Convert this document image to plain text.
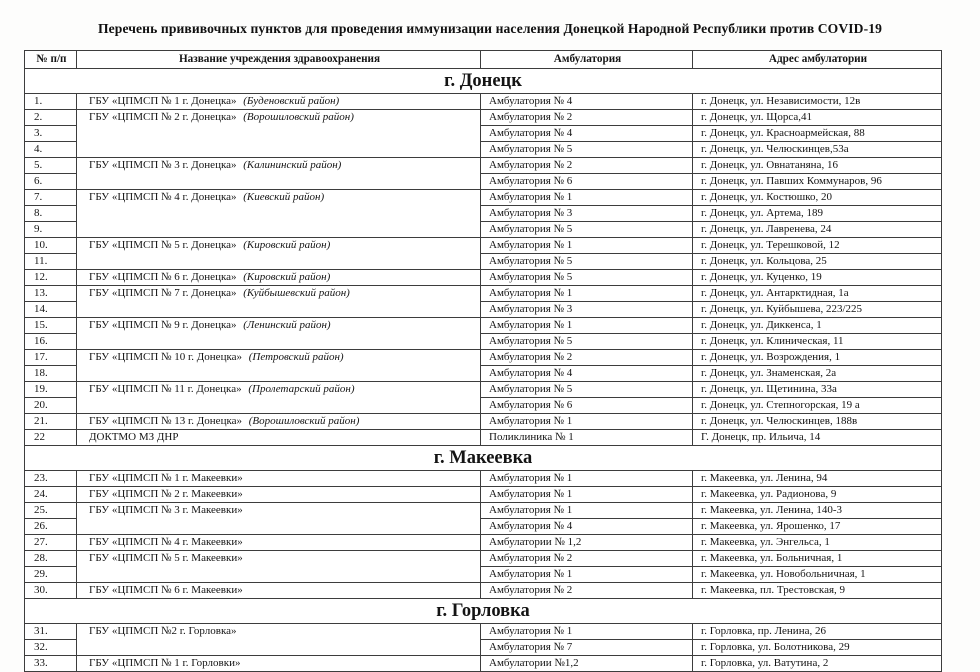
Перечень прививочных пунктов для проведения иммунизации населения Донецкой Народной Республики против COVID-19
№ п/п	Название учреждения здравоохранения	Амбулатория	Адрес амбулатории
г. Донецк			
1.	ГБУ «ЦПМСП № 1 г. Донецка» (Буденовский район)	Амбулатория № 4	г. Донецк, ул. Независимости, 12в
2.	ГБУ «ЦПМСП № 2 г. Донецка» (Ворошиловский район)	Амбулатория № 2	г. Донецк, ул. Щорса,41
3.		Амбулатория № 4	г. Донецк, ул. Красноармейская, 88
4.		Амбулатория № 5	г. Донецк, ул. Челюскинцев,53а
5.	ГБУ «ЦПМСП № 3 г. Донецка» (Калининский район)	Амбулатория № 2	г. Донецк, ул. Овнатаняна, 16
6.		Амбулатория № 6	г. Донецк, ул. Павших Коммунаров, 96
7.	ГБУ «ЦПМСП № 4 г. Донецка» (Киевский район)	Амбулатория № 1	г. Донецк, ул. Костюшко, 20
8.		Амбулатория № 3	г. Донецк, ул. Артема, 189
9.		Амбулатория № 5	г. Донецк, ул. Лавренева, 24
10.	ГБУ «ЦПМСП № 5 г. Донецка» (Кировский район)	Амбулатория № 1	г. Донецк, ул. Терешковой, 12
11.		Амбулатория № 5	г. Донецк, ул. Кольцова, 25
12.	ГБУ «ЦПМСП № 6 г. Донецка» (Кировский район)	Амбулатория № 5	г. Донецк, ул. Куценко, 19
13.	ГБУ «ЦПМСП № 7 г. Донецка» (Куйбышевский район)	Амбулатория № 1	г. Донецк, ул. Антарктидная, 1а
14.		Амбулатория № 3	г. Донецк, ул. Куйбышева, 223/225
15.	ГБУ «ЦПМСП № 9 г. Донецка» (Ленинский район)	Амбулатория № 1	г. Донецк, ул. Диккенса, 1
16.		Амбулатория № 5	г. Донецк, ул. Клиническая, 11
17.	ГБУ «ЦПМСП № 10 г. Донецка» (Петровский район)	Амбулатория № 2	г. Донецк, ул. Возрождения, 1
18.		Амбулатория № 4	г. Донецк, ул. Знаменская, 2а
19.	ГБУ «ЦПМСП № 11 г. Донецка» (Пролетарский район)	Амбулатория № 5	г. Донецк, ул. Щетинина, 33а
20.		Амбулатория № 6	г. Донецк, ул. Степногорская, 19 а
21.	ГБУ «ЦПМСП № 13 г. Донецка» (Ворошиловский район)	Амбулатория № 1	г. Донецк, ул. Челюскинцев, 188в
22	ДОКТМО МЗ ДНР	Поликлиника № 1	Г. Донецк, пр. Ильича, 14
г. Макеевка			
23.	ГБУ «ЦПМСП № 1 г. Макеевки»	Амбулатория № 1	г. Макеевка, ул. Ленина, 94
24.	ГБУ «ЦПМСП № 2 г. Макеевки»	Амбулатория № 1	г. Макеевка, ул. Радионова, 9
25.	ГБУ «ЦПМСП № 3 г. Макеевки»	Амбулатория № 1	г. Макеевка, ул. Ленина, 140-3
26.		Амбулатория № 4	г. Макеевка, ул. Ярошенко, 17
27.	ГБУ «ЦПМСП № 4 г. Макеевки»	Амбулатории № 1,2	г. Макеевка, ул. Энгельса, 1
28.	ГБУ «ЦПМСП № 5 г. Макеевки»	Амбулатория № 2	г. Макеевка, ул. Больничная, 1
29.		Амбулатория № 1	г. Макеевка, ул. Новобольничная, 1
30.	ГБУ «ЦПМСП № 6 г. Макеевки»	Амбулатория № 2	г. Макеевка, пл. Трестовская, 9
г. Горловка			
31.	ГБУ «ЦПМСП №2 г. Горловка»	Амбулатория № 1	г. Горловка, пр. Ленина, 26
32.		Амбулатория № 7	г. Горловка, ул. Болотникова, 29
33.	ГБУ «ЦПМСП № 1 г. Горловки»	Амбулатории №1,2	г. Горловка, ул. Ватутина, 2
